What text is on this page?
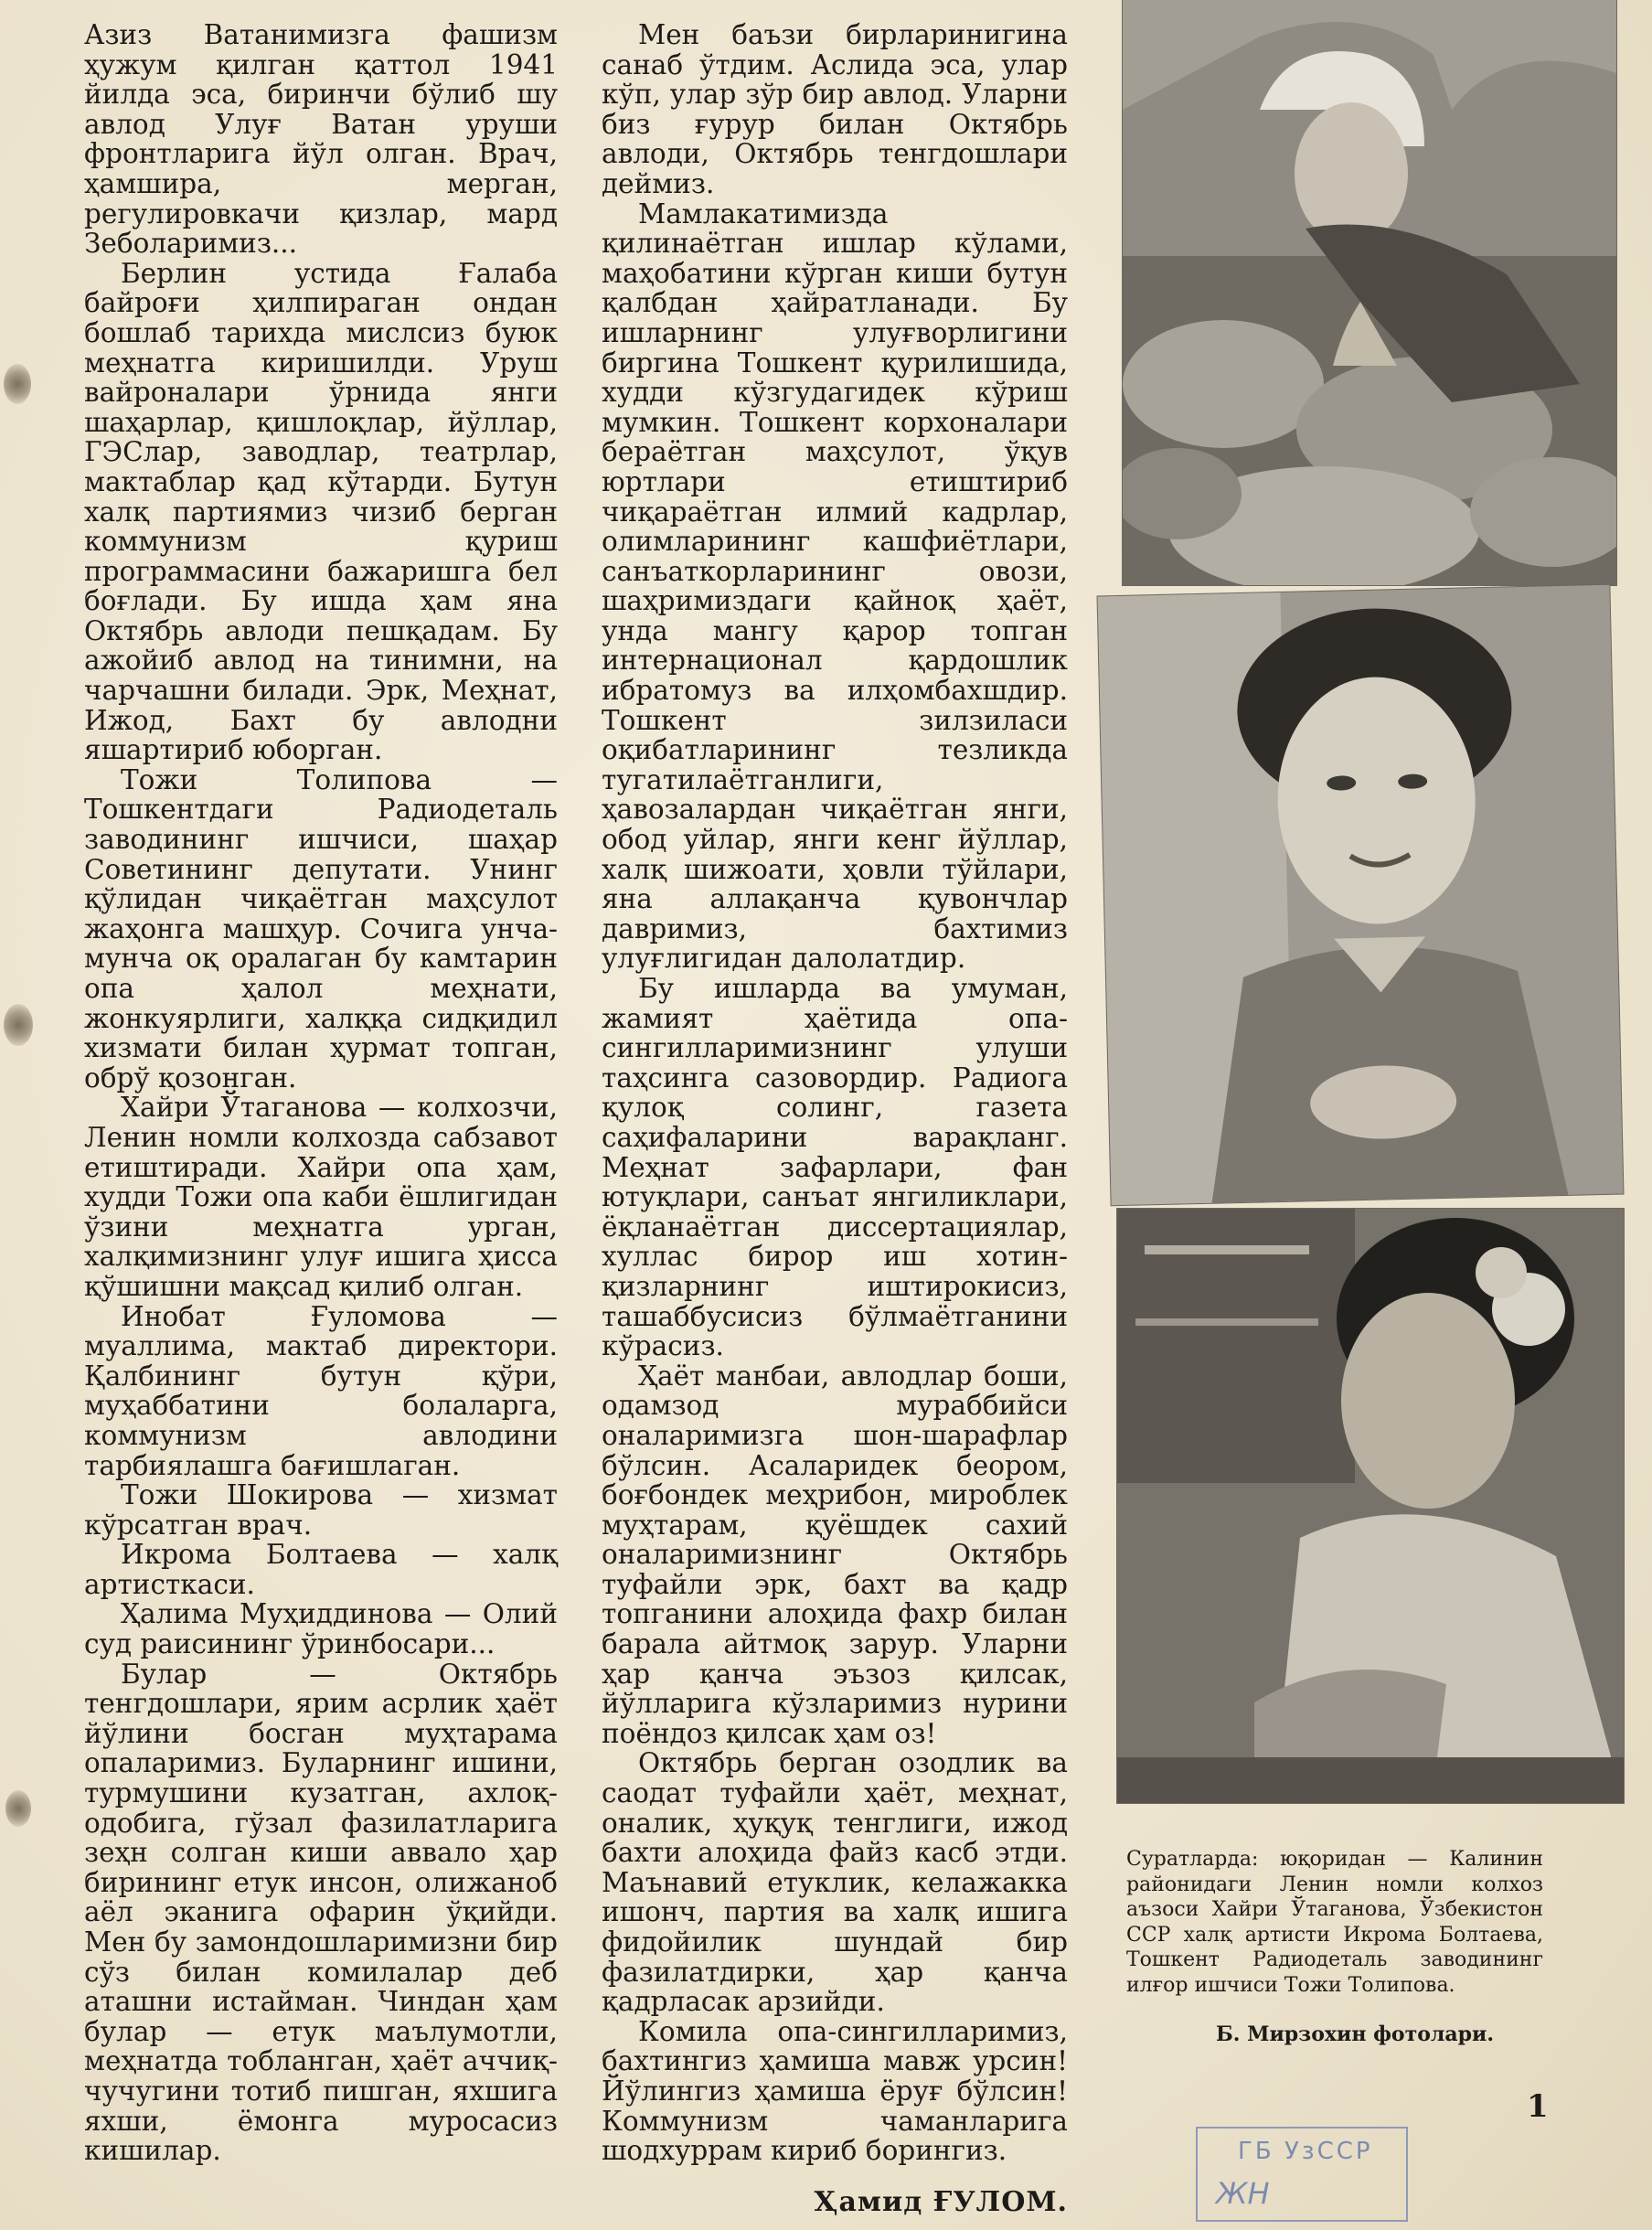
Азиз Ватанимизга фашизм ҳужум қилган қаттол 1941 йилда эса, биринчи бўлиб шу авлод Улуғ Ватан уруши фронтларига йўл олган. Врач, ҳамшира, мерган, регулировкачи қизлар, мард Зеболаримиз...

Берлин устида Ғалаба байроғи ҳилпираган ондан бошлаб тарихда мислсиз буюк меҳнатга киришилди. Уруш вайроналари ўрнида янги шаҳарлар, қишлоқлар, йўллар, ГЭСлар, заводлар, театрлар, мактаблар қад кўтарди. Бутун халқ партиямиз чизиб берган коммунизм қуриш программасини бажаришга бел боғлади. Бу ишда ҳам яна Октябрь авлоди пешқадам. Бу ажойиб авлод на тинимни, на чарчашни билади. Эрк, Меҳнат, Ижод, Бахт бу авлодни яшартириб юборган.

Тожи Толипова — Тошкентдаги Радиодеталь заводининг ишчиси, шаҳар Советининг депутати. Унинг қўлидан чиқаётган маҳсулот жаҳонга машҳур. Сочига унча-мунча оқ оралаган бу камтарин опа ҳалол меҳнати, жонкуярлиги, халққа сидқидил хизмати билан ҳурмат топган, обрў қозонган.

Хайри Ўтаганова — колхозчи, Ленин номли колхозда сабзавот етиштиради. Хайри опа ҳам, худди Тожи опа каби ёшлигидан ўзини меҳнатга урган, халқимизнинг улуғ ишига ҳисса қўшишни мақсад қилиб олган.

Инобат Ғуломова — муаллима, мактаб директори. Қалбининг бутун қўри, муҳаббатини болаларга, коммунизм авлодини тарбиялашга бағишлаган.

Тожи Шокирова — хизмат кўрсатган врач.

Икрома Болтаева — халқ артисткаси.

Ҳалима Муҳиддинова — Олий суд раисининг ўринбосари...

Булар — Октябрь тенгдошлари, ярим асрлик ҳаёт йўлини босган муҳтарама опаларимиз. Буларнинг ишини, турмушини кузатган, ахлоқ-одобига, гўзал фазилатларига зеҳн солган киши аввало ҳар бирининг етук инсон, олижаноб аёл эканига офарин ўқийди. Мен бу замондошларимизни бир сўз билан комилалар деб аташни истайман. Чиндан ҳам булар — етук маълумотли, меҳнатда тобланган, ҳаёт аччиқ-чучугини тотиб пишган, яхшига яхши, ёмонга муросасиз кишилар.

Мен баъзи бирларинигина санаб ўтдим. Аслида эса, улар кўп, улар зўр бир авлод. Уларни биз ғурур билан Октябрь авлоди, Октябрь тенгдошлари деймиз.

Мамлакатимизда қилинаётган ишлар кўлами, маҳобатини кўрган киши бутун қалбдан ҳайратланади. Бу ишларнинг улуғворлигини биргина Тошкент қурилишида, худди кўзгудагидек кўриш мумкин. Тошкент корхоналари бераётган маҳсулот, ўқув юртлари етиштириб чиқараётган илмий кадрлар, олимларининг кашфиётлари, санъаткорларининг овози, шаҳримиздаги қайноқ ҳаёт, унда мангу қарор топган интернационал қардошлик ибратомуз ва илҳомбахшдир. Тошкент зилзиласи оқибатларининг тезликда тугатилаётганлиги, ҳавозалардан чиқаётган янги, обод уйлар, янги кенг йўллар, халқ шижоати, ҳовли тўйлари, яна аллақанча қувончлар давримиз, бахтимиз улуғлигидан далолатдир.

Бу ишларда ва умуман, жамият ҳаётида опа-сингилларимизнинг улуши таҳсинга сазовордир. Радиога қулоқ солинг, газета саҳифаларини варақланг. Меҳнат зафарлари, фан ютуқлари, санъат янгиликлари, ёқланаётган диссертациялар, хуллас бирор иш хотин-қизларнинг иштирокисиз, ташаббусисиз бўлмаётганини кўрасиз.

Ҳаёт манбаи, авлодлар боши, одамзод мураббийси оналаримизга шон-шарафлар бўлсин. Асаларидек беором, боғбондек меҳрибон, мироблек муҳтарам, қуёшдек сахий оналаримизнинг Октябрь туфайли эрк, бахт ва қадр топганини алоҳида фахр билан барала айтмоқ зарур. Уларни ҳар қанча эъзоз қилсак, йўлларига кўзларимиз нурини поёндоз қилсак ҳам оз!

Октябрь берган озодлик ва саодат туфайли ҳаёт, меҳнат, оналик, ҳуқуқ тенглиги, ижод бахти алоҳида файз касб этди. Маънавий етуклик, келажакка ишонч, партия ва халқ ишига фидойилик шундай бир фазилатдирки, ҳар қанча қадрласак арзийди.

Комила опа-сингилларимиз, бахтингиз ҳамиша мавж урсин! Йўлингиз ҳамиша ёруғ бўлсин! Коммунизм чаманларига шодхуррам кириб борингиз.

Ҳамид ҒУЛОМ.

Суратларда: юқоридан — Калинин районидаги Ленин номли колхоз аъзоси Хайри Ўтаганова, Ўзбекистон ССР халқ артисти Икрома Болтаева, Тошкент Радиодеталь заводининг илғор ишчиси Тожи Толипова.

Б. Мирзохин фотолари.
1
ГБ УзССР
ЖН
